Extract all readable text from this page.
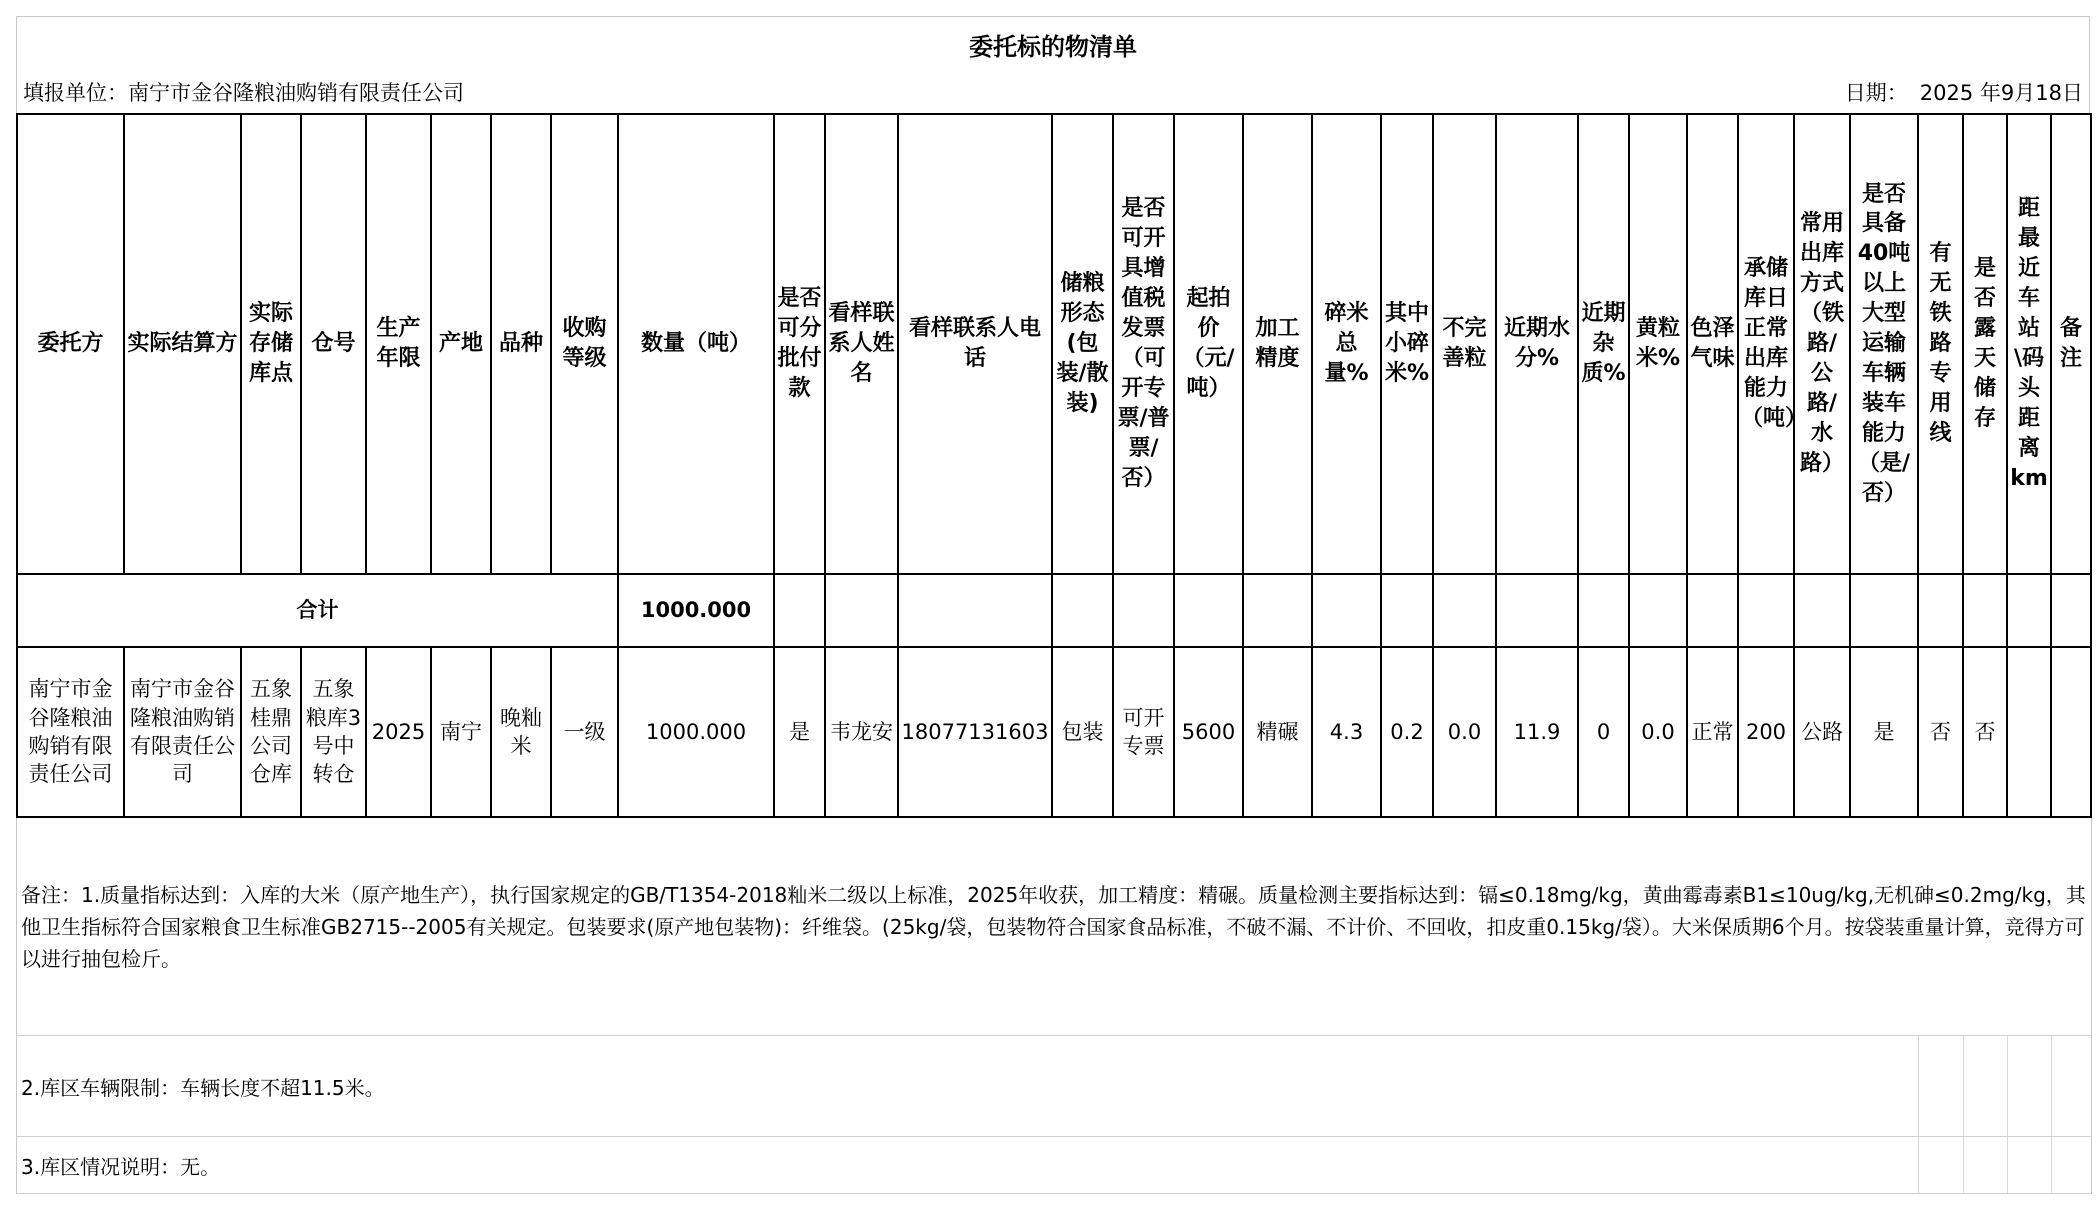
委托标的物清单
填报单位：南宁市金谷隆粮油购销有限责任公司	日期： 2025 年9月18日
委托方	实际结算方	实际存储库点	仓号	生产年限	产地	品种	收购等级	数量（吨）	是否可分批付款	看样联系人姓名	看样联系人电话	储粮形态(包装/散装)	是否可开具增值税发票（可开专票/普票/否）	起拍价（元/吨）	加工精度	碎米总量%	其中小碎米%	不完善粒	近期水分%	近期杂质%	黄粒米%	色泽气味	承储库日正常出库能力（吨）	常用出库方式（铁路/公路/水路）	是否具备40吨以上大型运输车辆装车能力（是/否）	有无铁路专用线	是否露天储存	距最近车站\码头距离km	备注
合计								1000.000																					
南宁市金谷隆粮油购销有限责任公司	南宁市金谷隆粮油购销有限责任公司	五象桂鼎公司仓库	五象粮库3号中转仓	2025	南宁	晚籼米	一级	1000.000	是	韦龙安	18077131603	包装	可开专票	5600	精碾	4.3	0.2	0.0	11.9	0	0.0	正常	200	公路	是	否	否		
备注：1.质量指标达到：入库的大米（原产地生产），执行国家规定的GB/T1354-2018籼米二级以上标准，2025年收获，加工精度：精碾。质量检测主要指标达到：镉≤0.18mg/kg，黄曲霉毒素B1≤10ug/kg,无机砷≤0.2mg/kg，其他卫生指标符合国家粮食卫生标准GB2715--2005有关规定。包装要求(原产地包装物)：纤维袋。(25kg/袋，包装物符合国家食品标准，不破不漏、不计价、不回收，扣皮重0.15kg/袋）。大米保质期6个月。按袋装重量计算，竞得方可以进行抽包检斤。
2.库区车辆限制：车辆长度不超11.5米。
3.库区情况说明：无。
